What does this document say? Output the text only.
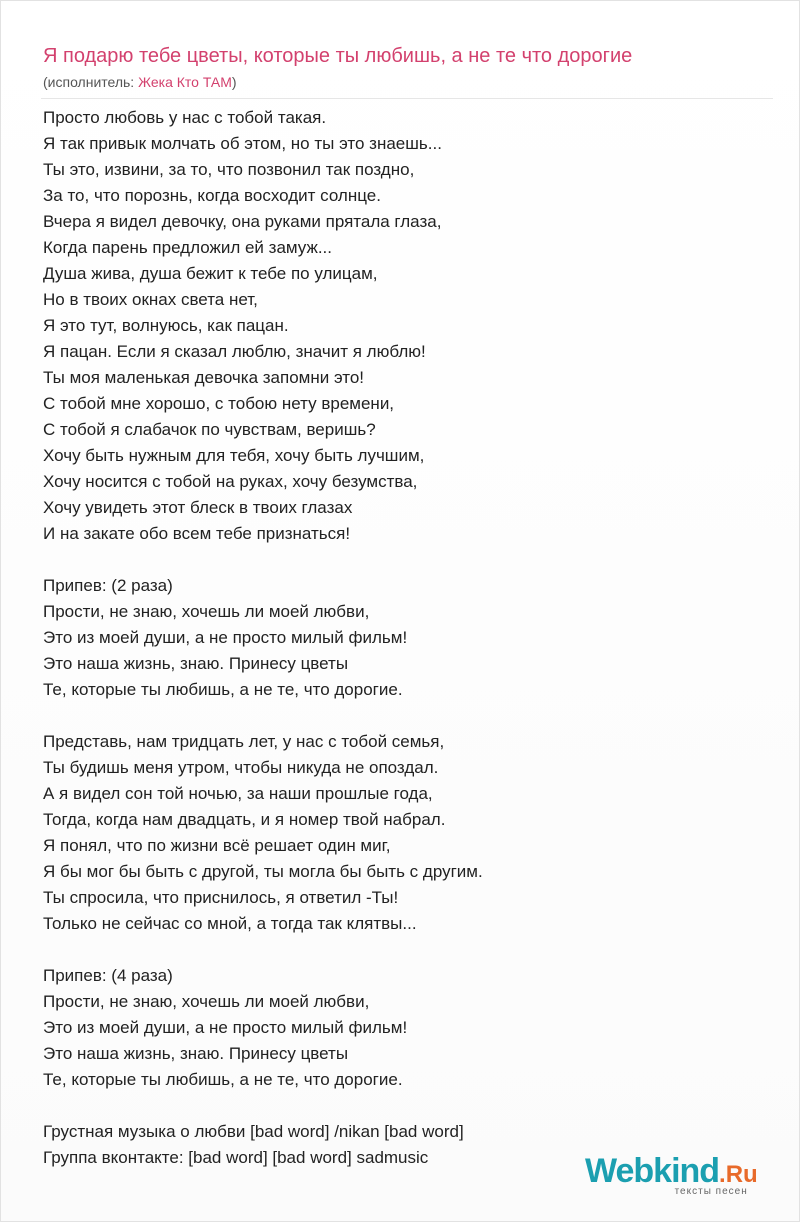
Я подарю тебе цветы, которые ты любишь, а не те что дорогие
(исполнитель: Жека Кто ТАМ)
Просто любовь у нас с тобой такая.
Я так привык молчать об этом, но ты это знаешь...
Ты это, извини, за то, что позвонил так поздно,
За то, что порознь, когда восходит солнце.
Вчера я видел девочку, она руками прятала глаза,
Когда парень предложил ей замуж...
Душа жива, душа бежит к тебе по улицам,
Но в твоих окнах света нет,
Я это тут, волнуюсь, как пацан.
Я пацан. Если я сказал люблю, значит я люблю!
Ты моя маленькая девочка запомни это!
С тобой мне хорошо, с тобою нету времени,
С тобой я слабачок по чувствам, веришь?
Хочу быть нужным для тебя, хочу быть лучшим,
Хочу носится с тобой на руках, хочу безумства,
Хочу увидеть этот блеск в твоих глазах
И на закате обо всем тебе признаться!
Припев: (2 раза)
Прости, не знаю, хочешь ли моей любви,
Это из моей души, а не просто милый фильм!
Это наша жизнь, знаю. Принесу цветы
Те, которые ты любишь, а не те, что дорогие.
Представь, нам тридцать лет, у нас с тобой семья,
Ты будишь меня утром, чтобы никуда не опоздал.
А я видел сон той ночью, за наши прошлые года,
Тогда, когда нам двадцать, и я номер твой набрал.
Я понял, что по жизни всё решает один миг,
Я бы мог бы быть с другой, ты могла бы быть с другим.
Ты спросила, что приснилось, я ответил -Ты!
Только не сейчас со мной, а тогда так клятвы...
Припев: (4 раза)
Прости, не знаю, хочешь ли моей любви,
Это из моей души, а не просто милый фильм!
Это наша жизнь, знаю. Принесу цветы
Те, которые ты любишь, а не те, что дорогие.
Грустная музыка о любви [bad word] /nikan [bad word]
Группа вконтакте: [bad word] [bad word] sadmusic	Webkind.Ru
тексты песен
